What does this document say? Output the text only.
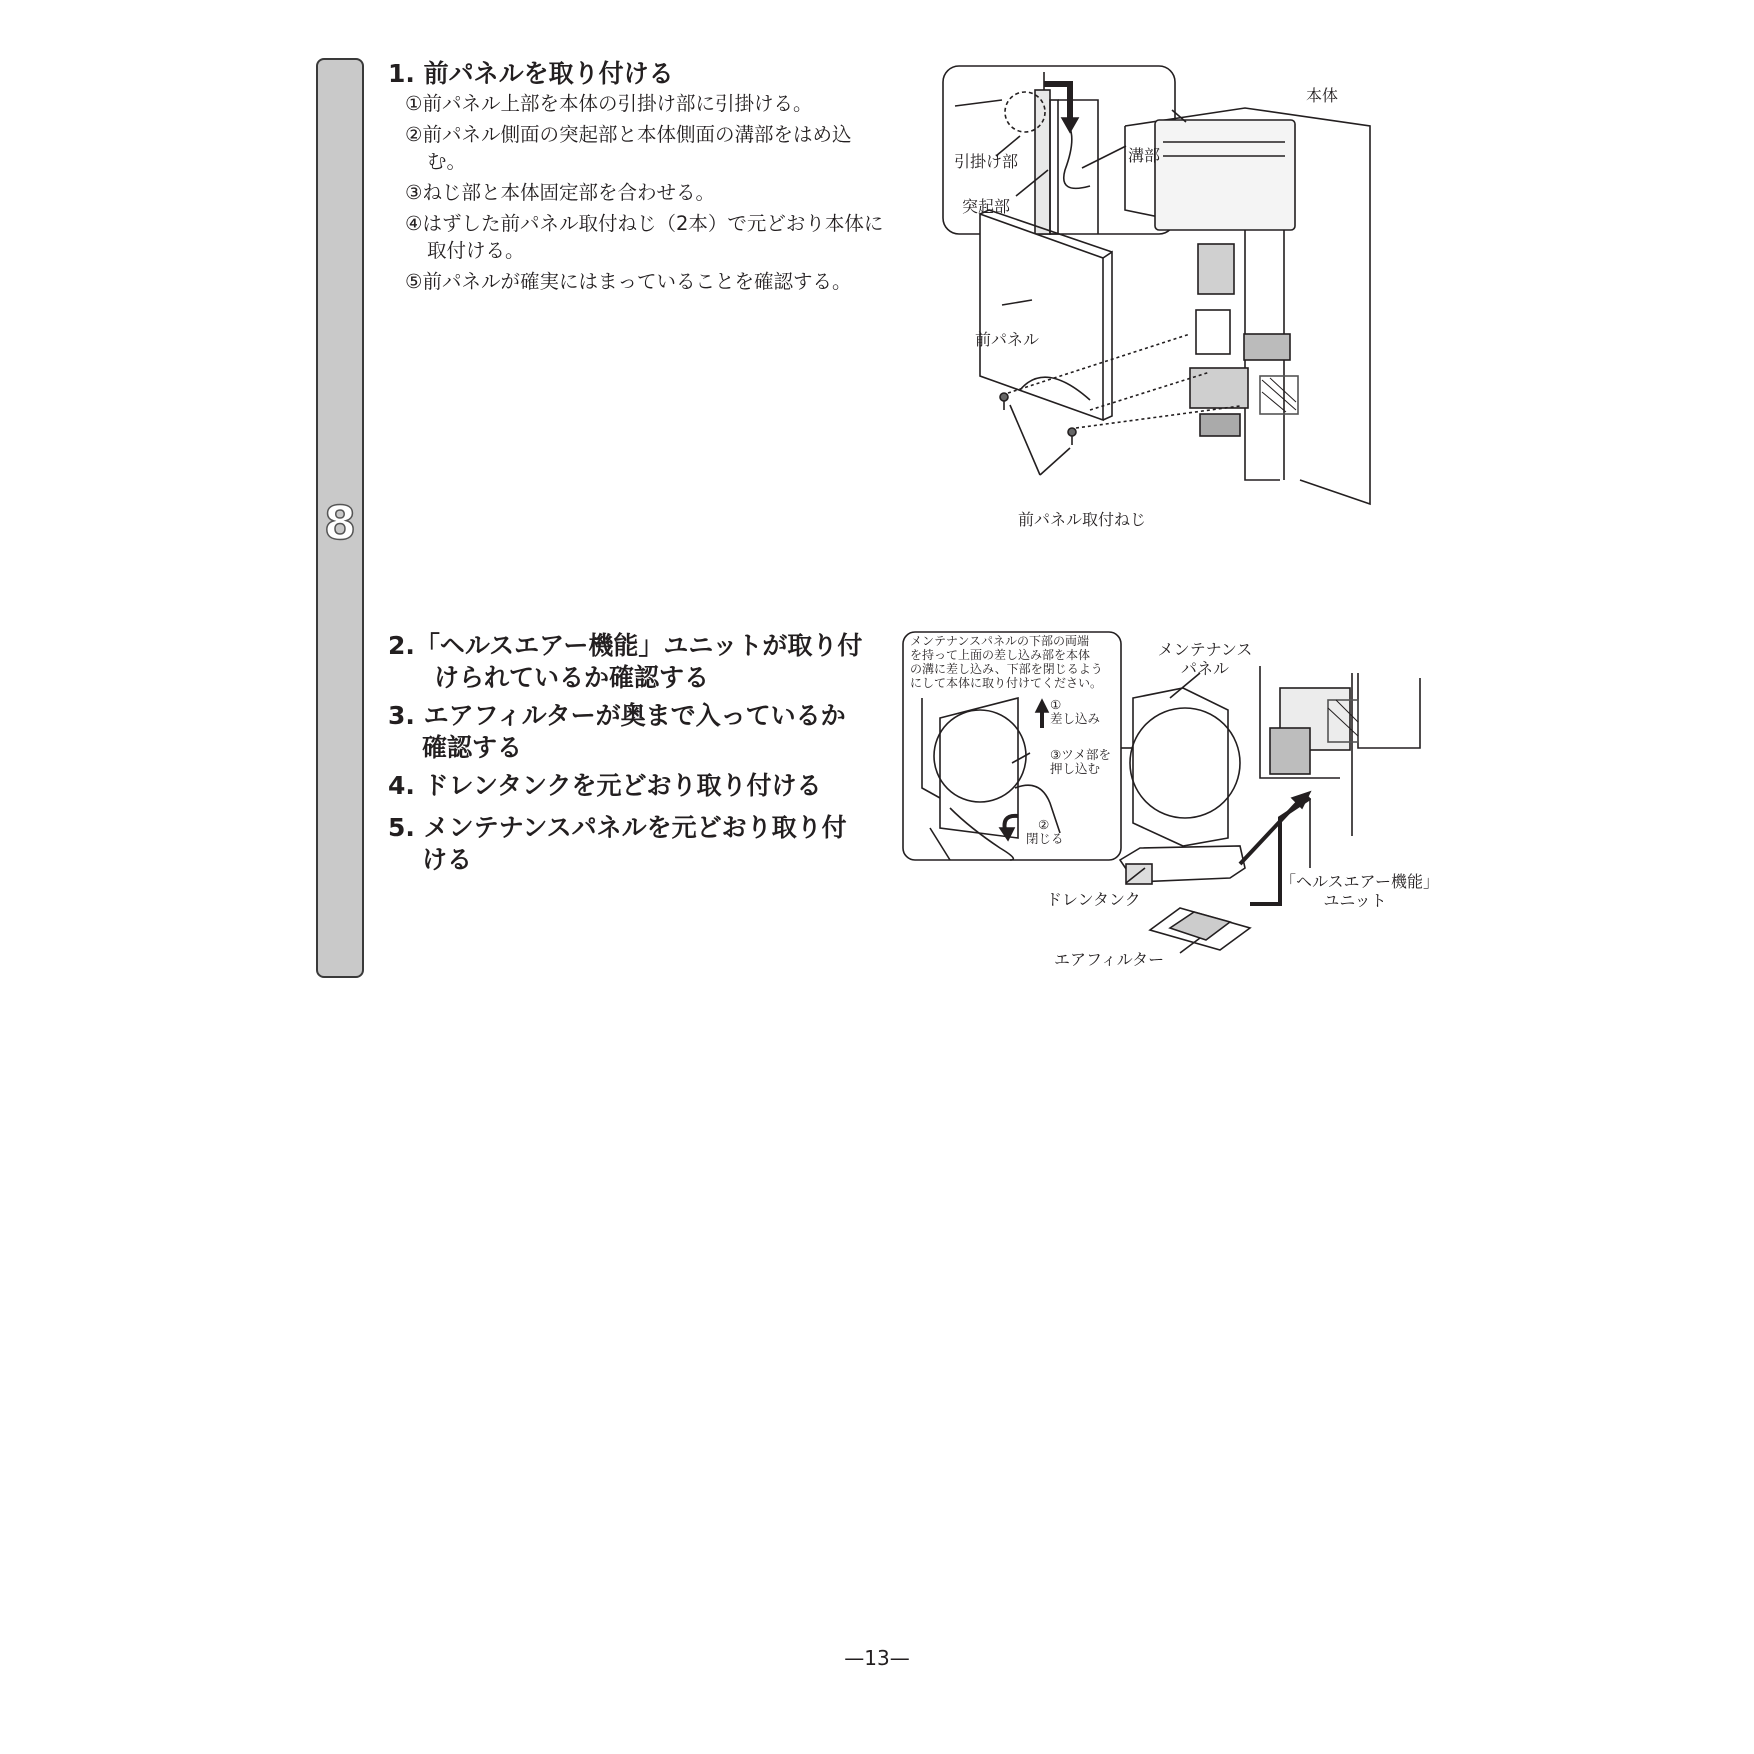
8
1. 前パネルを取り付ける
①前パネル上部を本体の引掛け部に引掛ける。
②前パネル側面の突起部と本体側面の溝部をはめ込む。
③ねじ部と本体固定部を合わせる。
④はずした前パネル取付ねじ（2本）で元どおり本体に取付ける。
⑤前パネルが確実にはまっていることを確認する。
本体
引掛け部	溝部
突起部
前パネル
前パネル取付ねじ
2.「ヘルスエアー機能」ユニットが取り付
けられているか確認する
3. エアフィルターが奥まで入っているか
確認する
4. ドレンタンクを元どおり取り付ける
5. メンテナンスパネルを元どおり取り付
ける
メンテナンスパネルの下部の両端
を持って上面の差し込み部を本体
の溝に差し込み、下部を閉じるよう
にして本体に取り付けてください。
①
差し込み
③ツメ部を
押し込む
②
閉じる
メンテナンス
パネル
ドレンタンク
「ヘルスエアー機能」
ユニット
エアフィルター
—13—
